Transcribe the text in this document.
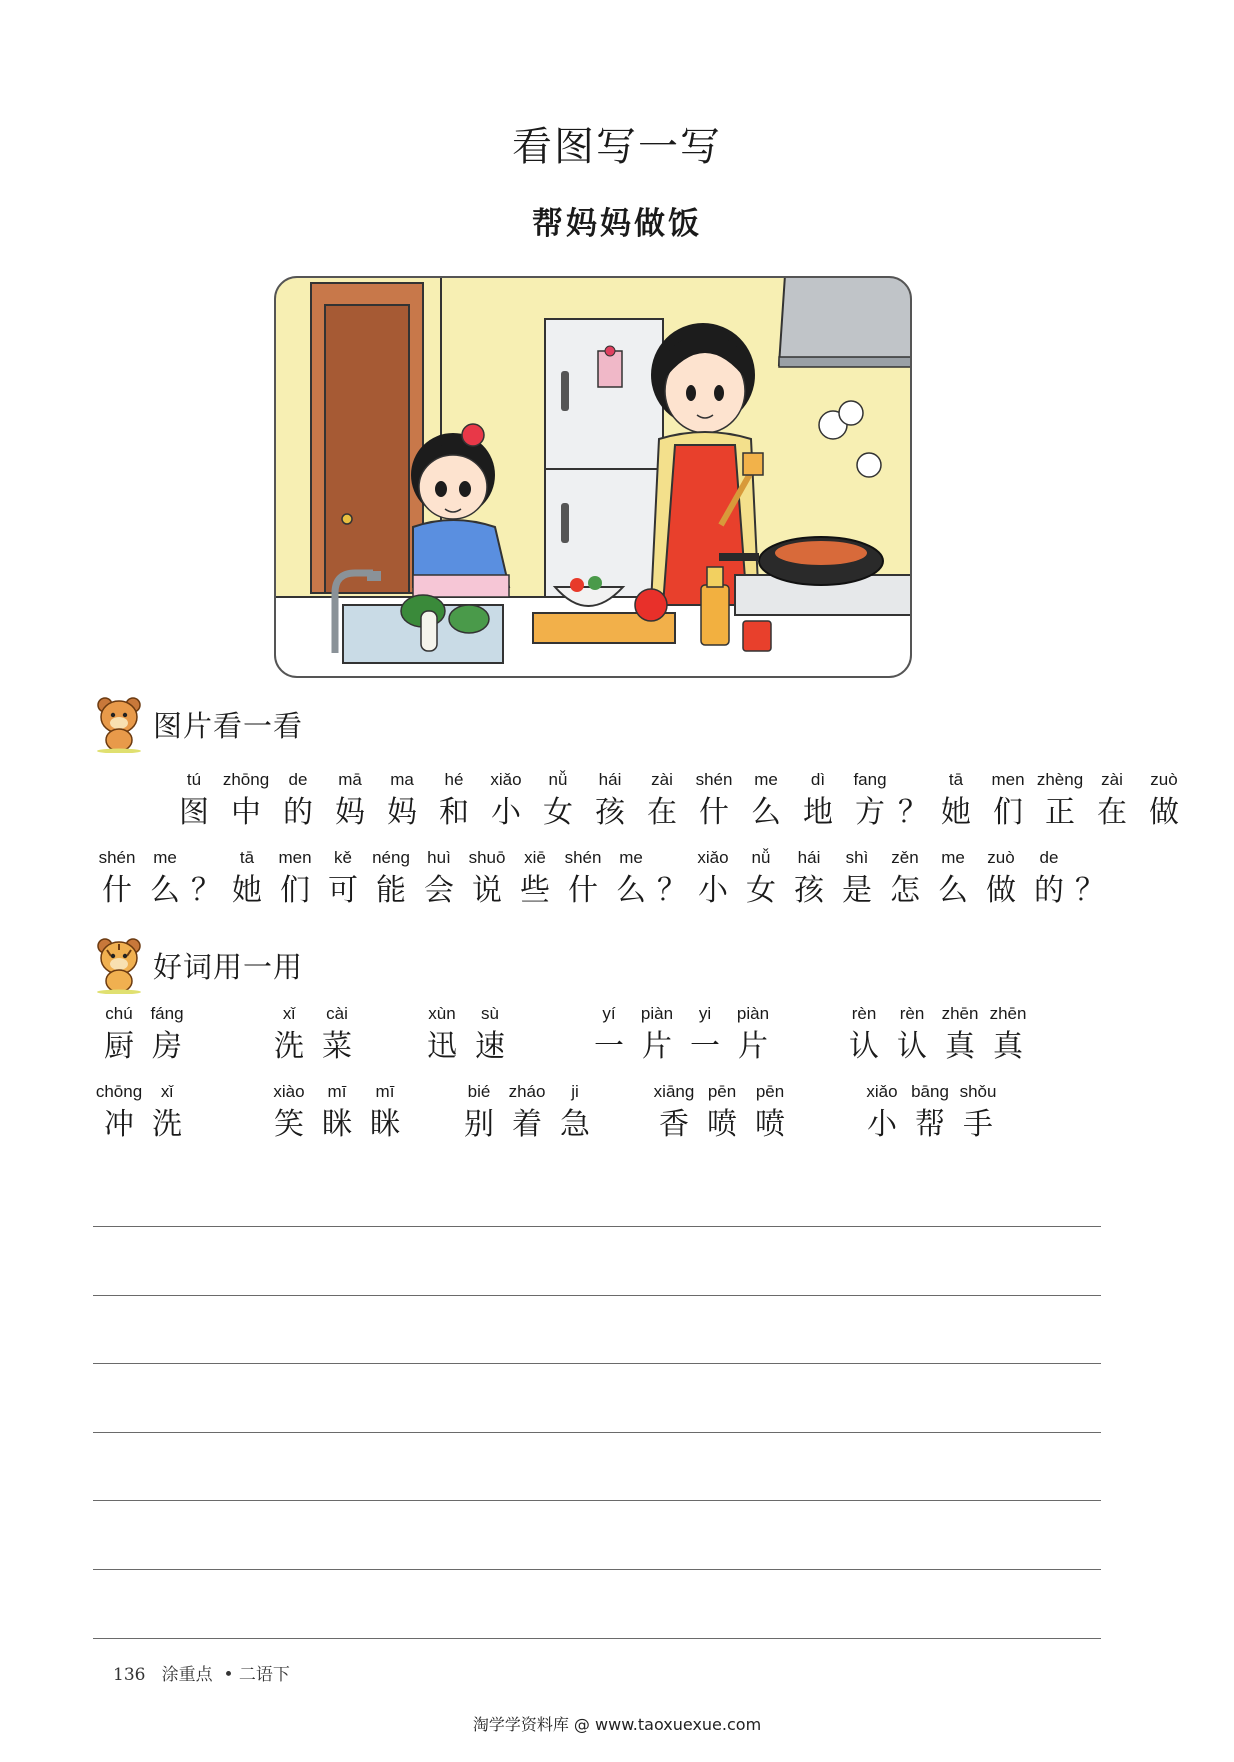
看图写一写
帮妈妈做饭
图片看一看
tú
图
zhōng
中
de
的
mā
妈
ma
妈
hé
和
xiǎo
小
nǚ
女
hái
孩
zài
在
shén
什
me
么
dì
地
fang
方 ？
tā
她
men
们
zhèng
正
zài
在
zuò
做
shén
什
me
么 ？
tā
她
men
们
kě
可
néng
能
huì
会
shuō
说
xiē
些
shén
什
me
么 ？
xiǎo
小
nǚ
女
hái
孩
shì
是
zěn
怎
me
么
zuò
做
de
的 ？
好词用一用
chú
厨
fáng
房
xǐ
洗
cài
菜
xùn
迅
sù
速
yí
一
piàn
片
yi
一
piàn
片
rèn
认
rèn
认
zhēn
真
zhēn
真
chōng
冲
xǐ
洗
xiào
笑
mī
眯
mī
眯
bié
别
zháo
着
ji
急
xiāng
香
pēn
喷
pēn
喷
xiǎo
小
bāng
帮
shǒu
手
136 涂重点 • 二语下
淘学学资料库 @ www.taoxuexue.com
